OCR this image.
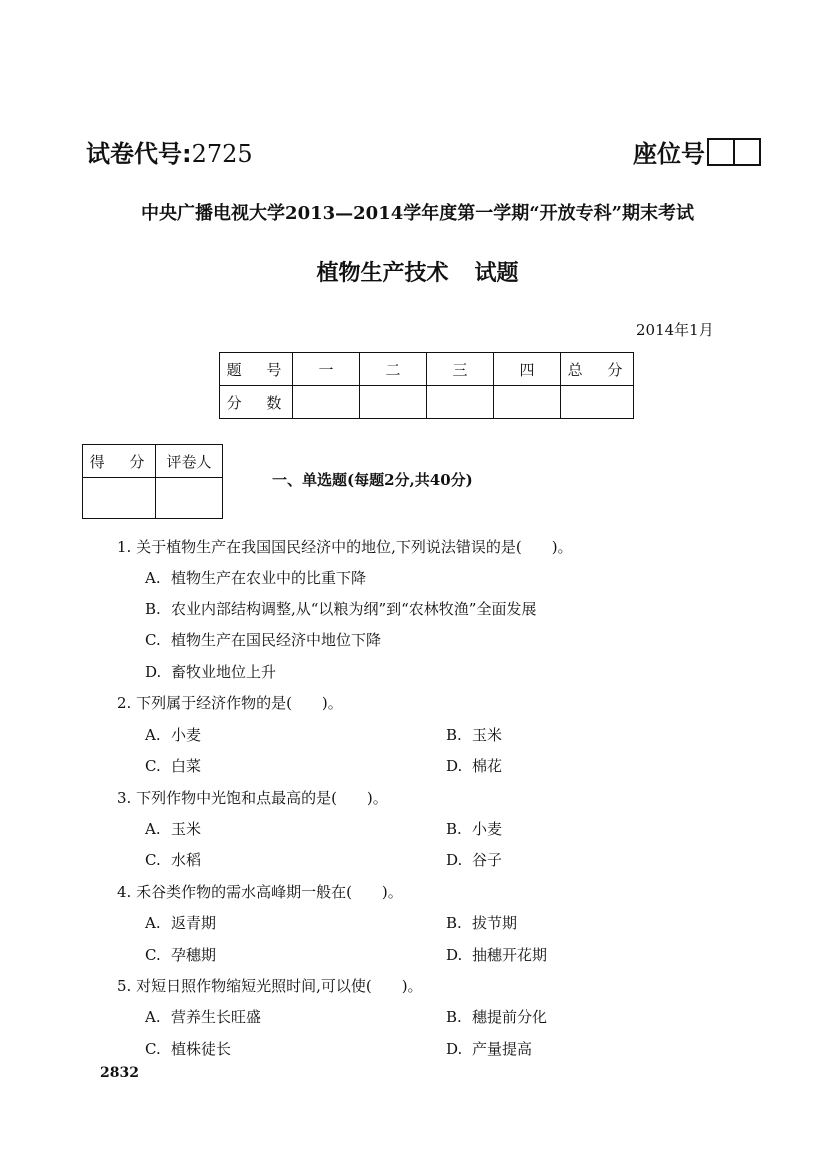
试卷代号:2725	座位号
中央广播电视大学2013—2014学年度第一学期“开放专科”期末考试
植物生产技术 试题
2014年1月
题 号	一	二	三	四	总 分
分 数					
得 分	评卷人

一、单选题(每题2分,共40分)
1. 关于植物生产在我国国民经济中的地位,下列说法错误的是(　　)。
A. 植物生产在农业中的比重下降
B. 农业内部结构调整,从“以粮为纲”到“农林牧渔”全面发展
C. 植物生产在国民经济中地位下降
D. 畜牧业地位上升
2. 下列属于经济作物的是(　　)。
A. 小麦	B. 玉米
C. 白菜	D. 棉花
3. 下列作物中光饱和点最高的是(　　)。
A. 玉米	B. 小麦
C. 水稻	D. 谷子
4. 禾谷类作物的需水高峰期一般在(　　)。
A. 返青期	B. 拔节期
C. 孕穗期	D. 抽穗开花期
5. 对短日照作物缩短光照时间,可以使(　　)。
A. 营养生长旺盛	B. 穗提前分化
C. 植株徒长	D. 产量提高
2832
